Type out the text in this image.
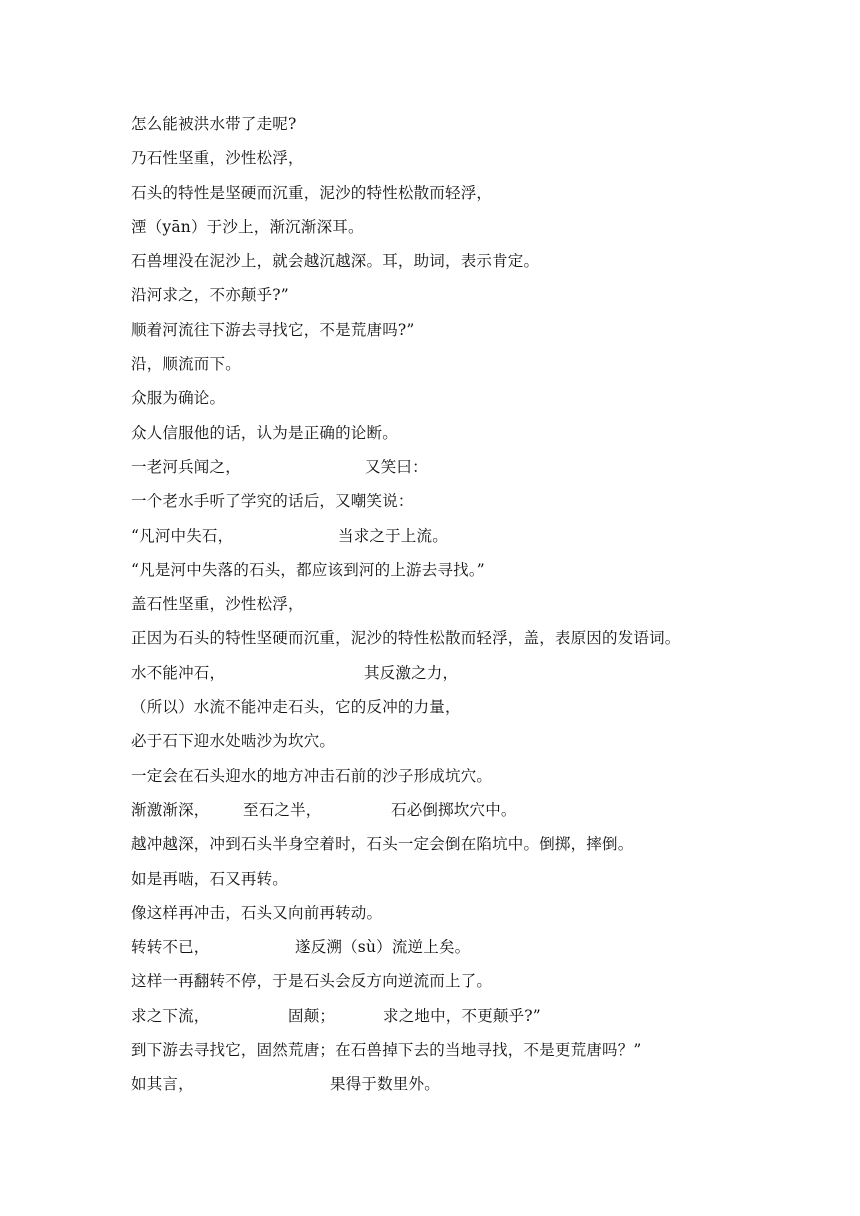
怎么能被洪水带了走呢?
乃石性坚重，沙性松浮，
石头的特性是坚硬而沉重，泥沙的特性松散而轻浮，
湮（yān）于沙上，渐沉渐深耳。
石兽埋没在泥沙上，就会越沉越深。耳，助词，表示肯定。
沿河求之，不亦颠乎?”
顺着河流往下游去寻找它，不是荒唐吗?”
沿，顺流而下。
众服为确论。
众人信服他的话，认为是正确的论断。
一老河兵闻之，	又笑曰：
一个老水手听了学究的话后，又嘲笑说：
“凡河中失石，	当求之于上流。
“凡是河中失落的石头，都应该到河的上游去寻找。”
盖石性坚重，沙性松浮，
正因为石头的特性坚硬而沉重，泥沙的特性松散而轻浮，盖，表原因的发语词。
水不能冲石，	其反激之力，
（所以）水流不能冲走石头，它的反冲的力量，
必于石下迎水处啮沙为坎穴。
一定会在石头迎水的地方冲击石前的沙子形成坑穴。
渐激渐深， 至石之半，	石必倒掷坎穴中。
越冲越深，冲到石头半身空着时，石头一定会倒在陷坑中。倒掷，摔倒。
如是再啮，石又再转。
像这样再冲击，石头又向前再转动。
转转不已，	遂反溯（sù）流逆上矣。
这样一再翻转不停，于是石头会反方向逆流而上了。
求之下流，	固颠；	求之地中，不更颠乎?”
到下游去寻找它，固然荒唐；在石兽掉下去的当地寻找，不是更荒唐吗？”
如其言，	果得于数里外。
